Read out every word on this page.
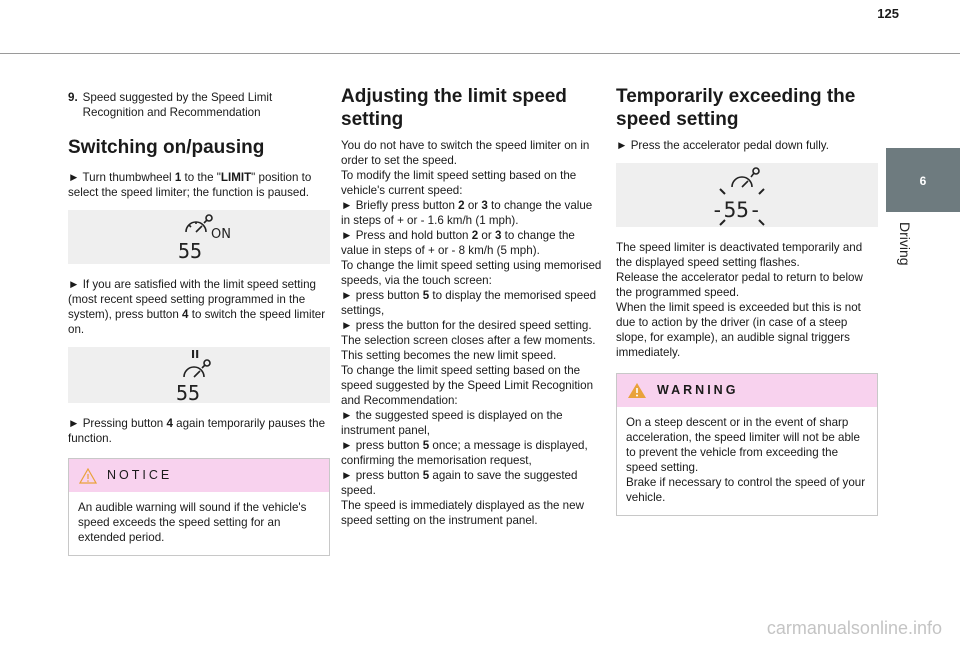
125
6
Driving
9. Speed suggested by the Speed Limit Recognition and Recommendation
Switching on/pausing

► Turn thumbwheel 1 to the "LIMIT" position to select the speed limiter; the function is paused.

ON
55

► If you are satisfied with the limit speed setting (most recent speed setting programmed in the system), press button 4 to switch the speed limiter on.

II
55

► Pressing button 4 again temporarily pauses the function.

NOTICE
An audible warning will sound if the vehicle's speed exceeds the speed setting for an extended period.
Adjusting the limit speed setting

You do not have to switch the speed limiter on in order to set the speed.

To modify the limit speed setting based on the vehicle's current speed:

► Briefly press button 2 or 3 to change the value in steps of + or - 1.6 km/h (1 mph).

► Press and hold button 2 or 3 to change the value in steps of + or - 8 km/h (5 mph).

To change the limit speed setting using memorised speeds, via the touch screen:

► press button 5 to display the memorised speed settings,

► press the button for the desired speed setting.

The selection screen closes after a few moments.

This setting becomes the new limit speed.

To change the limit speed setting based on the speed suggested by the Speed Limit Recognition and Recommendation:

► the suggested speed is displayed on the instrument panel,

► press button 5 once; a message is displayed, confirming the memorisation request,

► press button 5 again to save the suggested speed.

The speed is immediately displayed as the new speed setting on the instrument panel.

Temporarily exceeding the speed setting

► Press the accelerator pedal down fully.

-55-

The speed limiter is deactivated temporarily and the displayed speed setting flashes.

Release the accelerator pedal to return to below the programmed speed.

When the limit speed is exceeded but this is not due to action by the driver (in case of a steep slope, for example), an audible signal triggers immediately.

WARNING
On a steep descent or in the event of sharp acceleration, the speed limiter will not be able to prevent the vehicle from exceeding the speed setting.
Brake if necessary to control the speed of your vehicle.
carmanualsonline.info
